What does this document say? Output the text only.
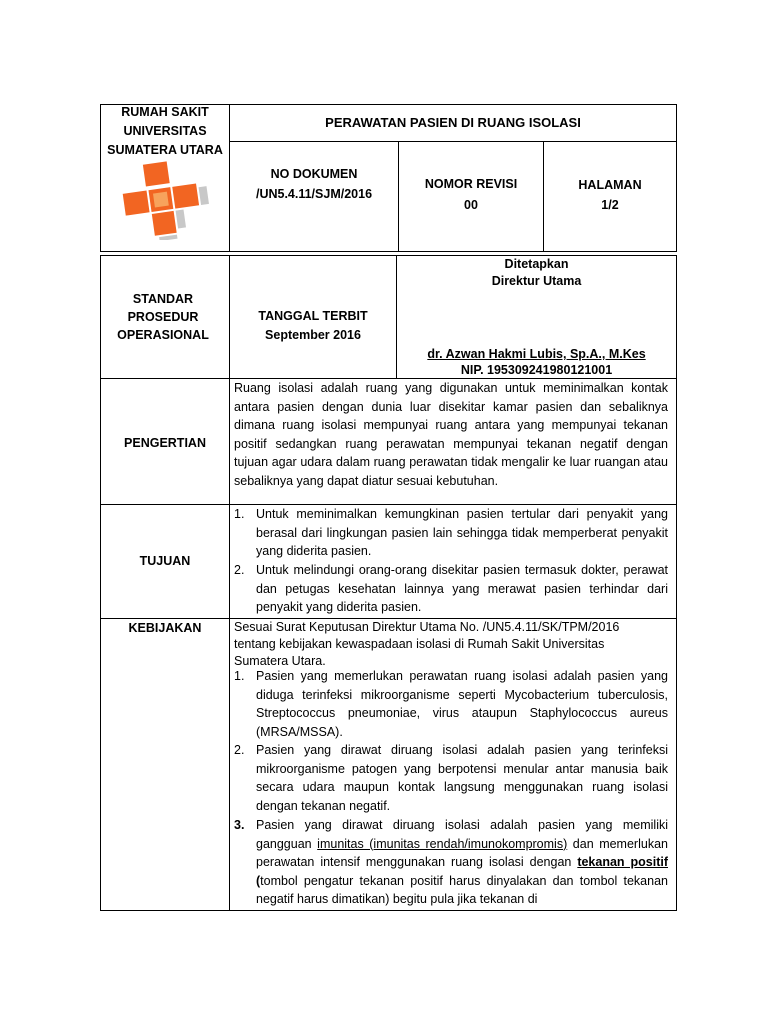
RUMAH SAKIT UNIVERSITAS SUMATERA UTARA
PERAWATAN PASIEN DI RUANG ISOLASI
NO DOKUMEN
/UN5.4.11/SJM/2016
NOMOR REVISI
00
HALAMAN
1/2
STANDAR PROSEDUR OPERASIONAL
TANGGAL TERBIT
September 2016
Ditetapkan
Direktur Utama
dr. Azwan Hakmi Lubis, Sp.A., M.Kes
NIP. 195309241980121001
PENGERTIAN

Ruang isolasi adalah ruang yang digunakan untuk meminimalkan kontak antara pasien dengan dunia luar disekitar kamar pasien dan sebaliknya dimana ruang isolasi mempunyai ruang antara yang mempunyai tekanan positif sedangkan ruang perawatan mempunyai tekanan negatif dengan tujuan agar udara dalam ruang perawatan tidak mengalir ke luar ruangan atau sebaliknya yang dapat diatur sesuai kebutuhan.

TUJUAN
1. Untuk meminimalkan kemungkinan pasien tertular dari penyakit yang berasal dari lingkungan pasien lain sehingga tidak memperberat penyakit yang diderita pasien.
2. Untuk melindungi orang-orang disekitar pasien termasuk dokter, perawat dan petugas kesehatan lainnya yang merawat pasien terhindar dari penyakit yang diderita pasien.
KEBIJAKAN	Sesuai Surat Keputusan Direktur Utama No. /UN5.4.11/SK/TPM/2016 tentang kebijakan kewaspadaan isolasi di Rumah Sakit Universitas Sumatera Utara.

1. Pasien yang memerlukan perawatan ruang isolasi adalah pasien yang diduga terinfeksi mikroorganisme seperti Mycobacterium tuberculosis, Streptococcus pneumoniae, virus ataupun Staphylococcus aureus (MRSA/MSSA).
2. Pasien yang dirawat diruang isolasi adalah pasien yang terinfeksi mikroorganisme patogen yang berpotensi menular antar manusia baik secara udara maupun kontak langsung menggunakan ruang isolasi dengan tekanan negatif.
3. Pasien yang dirawat diruang isolasi adalah pasien yang memiliki gangguan imunitas (imunitas rendah/imunokompromis) dan memerlukan perawatan intensif menggunakan ruang isolasi dengan tekanan positif (tombol pengatur tekanan positif harus dinyalakan dan tombol tekanan negatif harus dimatikan) begitu pula jika tekanan di
